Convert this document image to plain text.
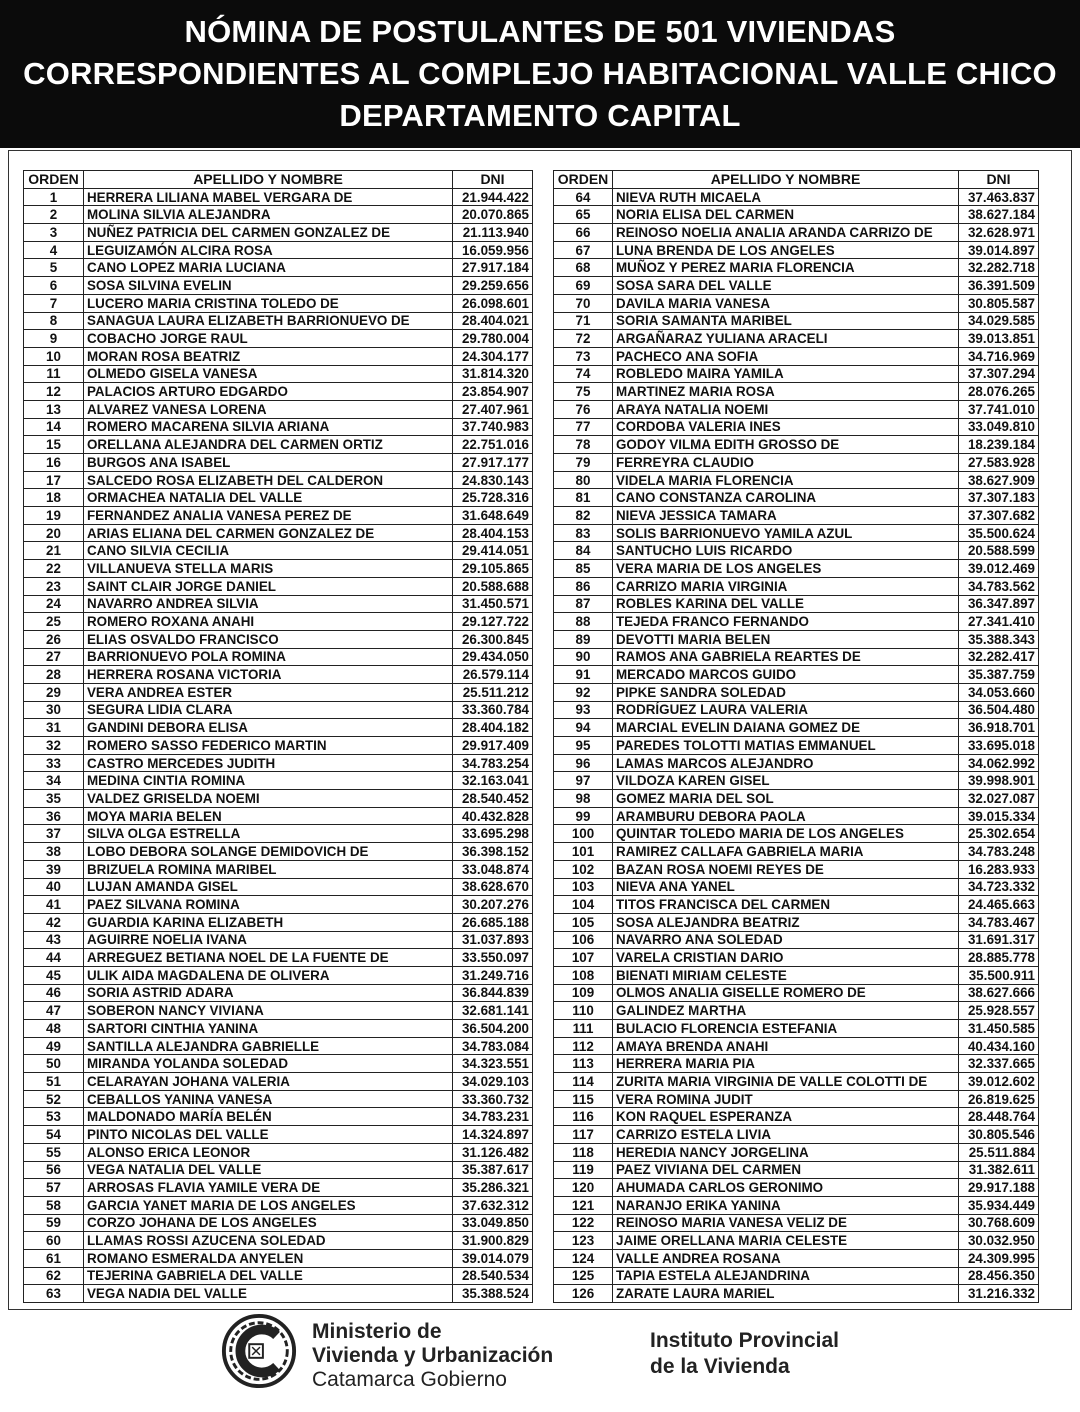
NÓMINA DE POSTULANTES DE 501 VIVIENDAS
CORRESPONDIENTES AL COMPLEJO HABITACIONAL VALLE CHICO
DEPARTAMENTO CAPITAL
ORDEN	APELLIDO Y NOMBRE	DNI
1	HERRERA LILIANA MABEL VERGARA DE	21.944.422
2	MOLINA SILVIA ALEJANDRA	20.070.865
3	NUÑEZ PATRICIA DEL CARMEN GONZALEZ DE	21.113.940
4	LEGUIZAMÓN ALCIRA ROSA	16.059.956
5	CANO LOPEZ MARIA LUCIANA	27.917.184
6	SOSA SILVINA EVELIN	29.259.656
7	LUCERO MARIA CRISTINA TOLEDO DE	26.098.601
8	SANAGUA LAURA ELIZABETH BARRIONUEVO DE	28.404.021
9	COBACHO JORGE RAUL	29.780.004
10	MORAN ROSA BEATRIZ	24.304.177
11	OLMEDO GISELA VANESA	31.814.320
12	PALACIOS ARTURO EDGARDO	23.854.907
13	ALVAREZ VANESA LORENA	27.407.961
14	ROMERO MACARENA SILVIA ARIANA	37.740.983
15	ORELLANA ALEJANDRA DEL CARMEN ORTIZ	22.751.016
16	BURGOS ANA ISABEL	27.917.177
17	SALCEDO ROSA ELIZABETH DEL CALDERON	24.830.143
18	ORMACHEA NATALIA DEL VALLE	25.728.316
19	FERNANDEZ ANALIA VANESA PEREZ DE	31.648.649
20	ARIAS ELIANA DEL CARMEN GONZALEZ DE	28.404.153
21	CANO SILVIA CECILIA	29.414.051
22	VILLANUEVA STELLA MARIS	29.105.865
23	SAINT CLAIR JORGE DANIEL	20.588.688
24	NAVARRO ANDREA SILVIA	31.450.571
25	ROMERO ROXANA ANAHI	29.127.722
26	ELIAS OSVALDO FRANCISCO	26.300.845
27	BARRIONUEVO POLA ROMINA	29.434.050
28	HERRERA ROSANA VICTORIA	26.579.114
29	VERA ANDREA ESTER	25.511.212
30	SEGURA LIDIA CLARA	33.360.784
31	GANDINI DEBORA ELISA	28.404.182
32	ROMERO SASSO FEDERICO MARTIN	29.917.409
33	CASTRO MERCEDES JUDITH	34.783.254
34	MEDINA CINTIA ROMINA	32.163.041
35	VALDEZ GRISELDA NOEMI	28.540.452
36	MOYA MARIA BELEN	40.432.828
37	SILVA OLGA ESTRELLA	33.695.298
38	LOBO DEBORA SOLANGE DEMIDOVICH DE	36.398.152
39	BRIZUELA ROMINA MARIBEL	33.048.874
40	LUJAN AMANDA GISEL	38.628.670
41	PAEZ SILVANA ROMINA	30.207.276
42	GUARDIA KARINA ELIZABETH	26.685.188
43	AGUIRRE NOELIA IVANA	31.037.893
44	ARREGUEZ BETIANA NOEL DE LA FUENTE DE	33.550.097
45	ULIK AIDA MAGDALENA DE OLIVERA	31.249.716
46	SORIA ASTRID ADARA	36.844.839
47	SOBERON NANCY VIVIANA	32.681.141
48	SARTORI CINTHIA YANINA	36.504.200
49	SANTILLA ALEJANDRA GABRIELLE	34.783.084
50	MIRANDA YOLANDA SOLEDAD	34.323.551
51	CELARAYAN JOHANA VALERIA	34.029.103
52	CEBALLOS YANINA VANESA	33.360.732
53	MALDONADO MARÍA BELÉN	34.783.231
54	PINTO NICOLAS DEL VALLE	14.324.897
55	ALONSO ERICA LEONOR	31.126.482
56	VEGA NATALIA DEL VALLE	35.387.617
57	ARROSAS FLAVIA YAMILE VERA DE	35.286.321
58	GARCIA YANET MARIA DE LOS ANGELES	37.632.312
59	CORZO JOHANA DE LOS ANGELES	33.049.850
60	LLAMAS ROSSI AZUCENA SOLEDAD	31.900.829
61	ROMANO ESMERALDA ANYELEN	39.014.079
62	TEJERINA GABRIELA DEL VALLE	28.540.534
63	VEGA NADIA DEL VALLE	35.388.524
ORDEN	APELLIDO Y NOMBRE	DNI
64	NIEVA RUTH MICAELA	37.463.837
65	NORIA ELISA DEL CARMEN	38.627.184
66	REINOSO NOELIA ANALIA ARANDA CARRIZO DE	32.628.971
67	LUNA BRENDA DE LOS ANGELES	39.014.897
68	MUÑOZ Y PEREZ MARIA FLORENCIA	32.282.718
69	SOSA SARA DEL VALLE	36.391.509
70	DAVILA MARIA VANESA	30.805.587
71	SORIA SAMANTA MARIBEL	34.029.585
72	ARGAÑARAZ YULIANA ARACELI	39.013.851
73	PACHECO ANA SOFIA	34.716.969
74	ROBLEDO MAIRA YAMILA	37.307.294
75	MARTINEZ MARIA ROSA	28.076.265
76	ARAYA NATALIA NOEMI	37.741.010
77	CORDOBA VALERIA INES	33.049.810
78	GODOY VILMA EDITH GROSSO DE	18.239.184
79	FERREYRA CLAUDIO	27.583.928
80	VIDELA MARIA FLORENCIA	38.627.909
81	CANO CONSTANZA CAROLINA	37.307.183
82	NIEVA JESSICA TAMARA	37.307.682
83	SOLIS BARRIONUEVO YAMILA AZUL	35.500.624
84	SANTUCHO LUIS RICARDO	20.588.599
85	VERA MARIA DE LOS ANGELES	39.012.469
86	CARRIZO MARIA VIRGINIA	34.783.562
87	ROBLES KARINA DEL VALLE	36.347.897
88	TEJEDA FRANCO FERNANDO	27.341.410
89	DEVOTTI MARIA BELEN	35.388.343
90	RAMOS ANA GABRIELA REARTES DE	32.282.417
91	MERCADO MARCOS GUIDO	35.387.759
92	PIPKE SANDRA SOLEDAD	34.053.660
93	RODRÍGUEZ LAURA VALERIA	36.504.480
94	MARCIAL EVELIN DAIANA GOMEZ DE	36.918.701
95	PAREDES TOLOTTI MATIAS EMMANUEL	33.695.018
96	LAMAS MARCOS ALEJANDRO	34.062.992
97	VILDOZA KAREN GISEL	39.998.901
98	GOMEZ MARIA DEL SOL	32.027.087
99	ARAMBURU DEBORA PAOLA	39.015.334
100	QUINTAR TOLEDO MARIA DE LOS ANGELES	25.302.654
101	RAMIREZ CALLAFA GABRIELA MARIA	34.783.248
102	BAZAN ROSA NOEMI REYES DE	16.283.933
103	NIEVA ANA YANEL	34.723.332
104	TITOS FRANCISCA DEL CARMEN	24.465.663
105	SOSA ALEJANDRA BEATRIZ	34.783.467
106	NAVARRO ANA SOLEDAD	31.691.317
107	VARELA CRISTIAN DARIO	28.885.778
108	BIENATI MIRIAM CELESTE	35.500.911
109	OLMOS ANALIA GISELLE ROMERO DE	38.627.666
110	GALINDEZ MARTHA	25.928.557
111	BULACIO FLORENCIA ESTEFANIA	31.450.585
112	AMAYA BRENDA ANAHI	40.434.160
113	HERRERA MARIA PIA	32.337.665
114	ZURITA MARIA VIRGINIA DE VALLE COLOTTI DE	39.012.602
115	VERA ROMINA JUDIT	26.819.625
116	KON RAQUEL ESPERANZA	28.448.764
117	CARRIZO ESTELA LIVIA	30.805.546
118	HEREDIA NANCY JORGELINA	25.511.884
119	PAEZ VIVIANA DEL CARMEN	31.382.611
120	AHUMADA CARLOS GERONIMO	29.917.188
121	NARANJO ERIKA YANINA	35.934.449
122	REINOSO MARIA VANESA VELIZ DE	30.768.609
123	JAIME ORELLANA MARIA CELESTE	30.032.950
124	VALLE ANDREA ROSANA	24.309.995
125	TAPIA ESTELA ALEJANDRINA	28.456.350
126	ZARATE LAURA MARIEL	31.216.332
Ministerio de
Vivienda y Urbanización
Catamarca Gobierno
Instituto Provincial
de la Vivienda
